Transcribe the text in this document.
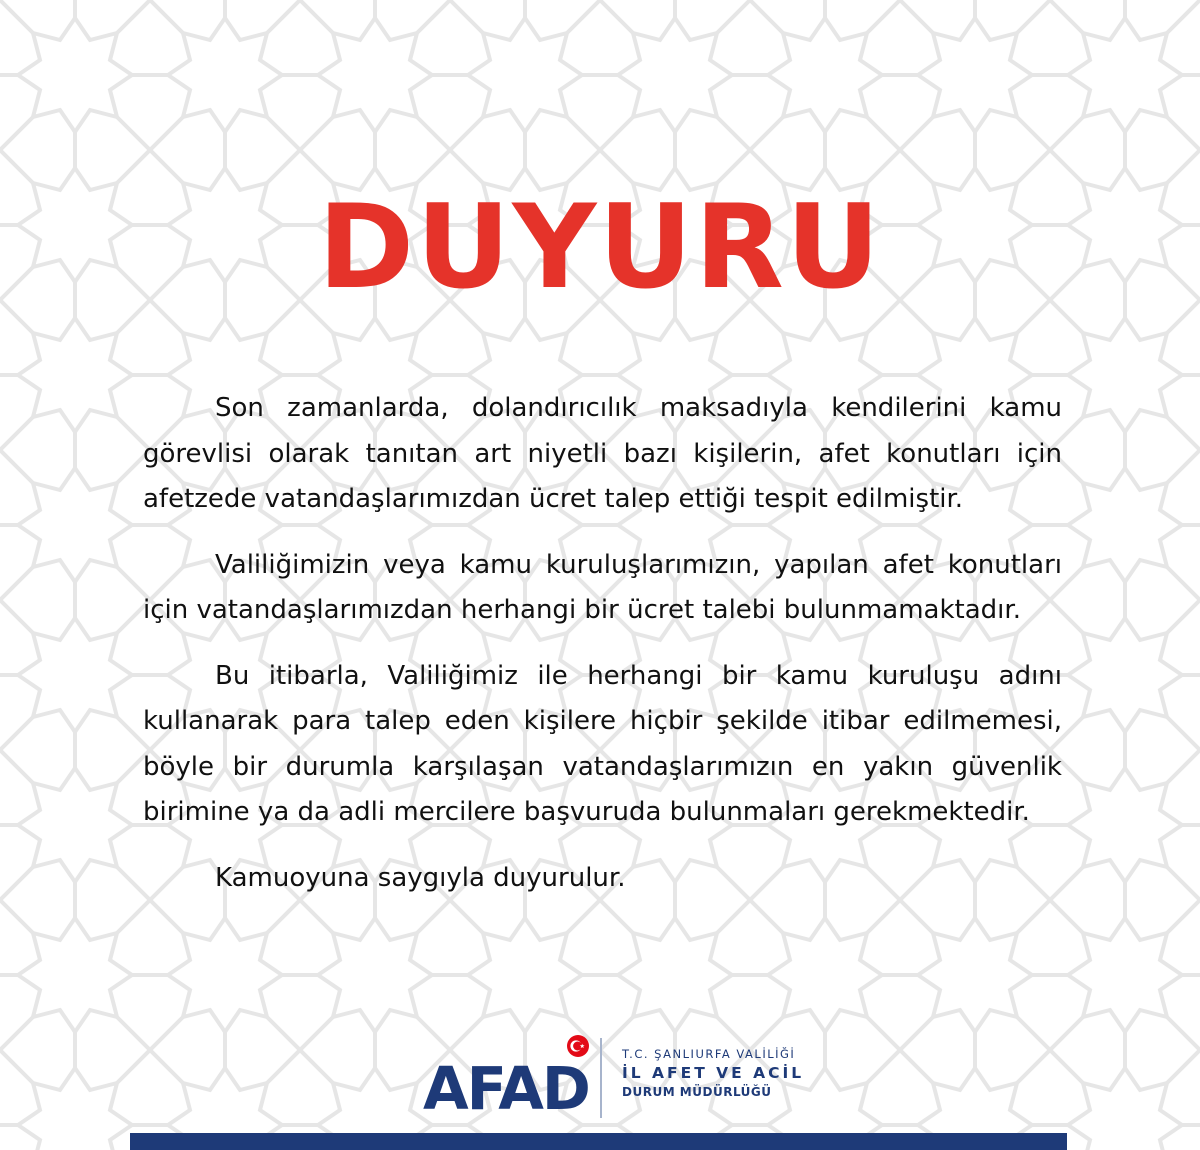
DUYURU

Son zamanlarda, dolandırıcılık maksadıyla kendilerini kamu görevlisi olarak tanıtan art niyetli bazı kişilerin, afet konutları için afetzede vatandaşlarımızdan ücret talep ettiği tespit edilmiştir.

Valiliğimizin veya kamu kuruluşlarımızın, yapılan afet konutları için vatandaşlarımızdan herhangi bir ücret talebi bulunmamaktadır.

Bu itibarla, Valiliğimiz ile herhangi bir kamu kuruluşu adını kullanarak para talep eden kişilere hiçbir şekilde itibar edilmemesi, böyle bir durumla karşılaşan vatandaşlarımızın en yakın güvenlik birimine ya da adli mercilere başvuruda bulunmaları gerekmektedir.

Kamuoyuna saygıyla duyurulur.

AFAD	T.C. ŞANLIURFA VALİLİĞİ
İL AFET VE ACİL
DURUM MÜDÜRLÜĞÜ
